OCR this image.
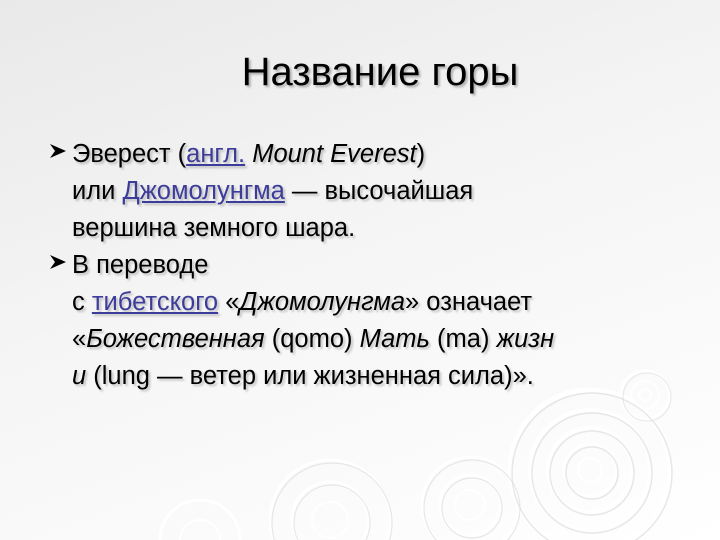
Название горы
Эверест (англ. Mount Everest)
или Джомолунгма — высочайшая
вершина земного шара.
В переводе
с тибетского «Джомолунгма» означает
«Божественная (qomo) Мать (ma) жизн
и (lung — ветер или жизненная сила)».
